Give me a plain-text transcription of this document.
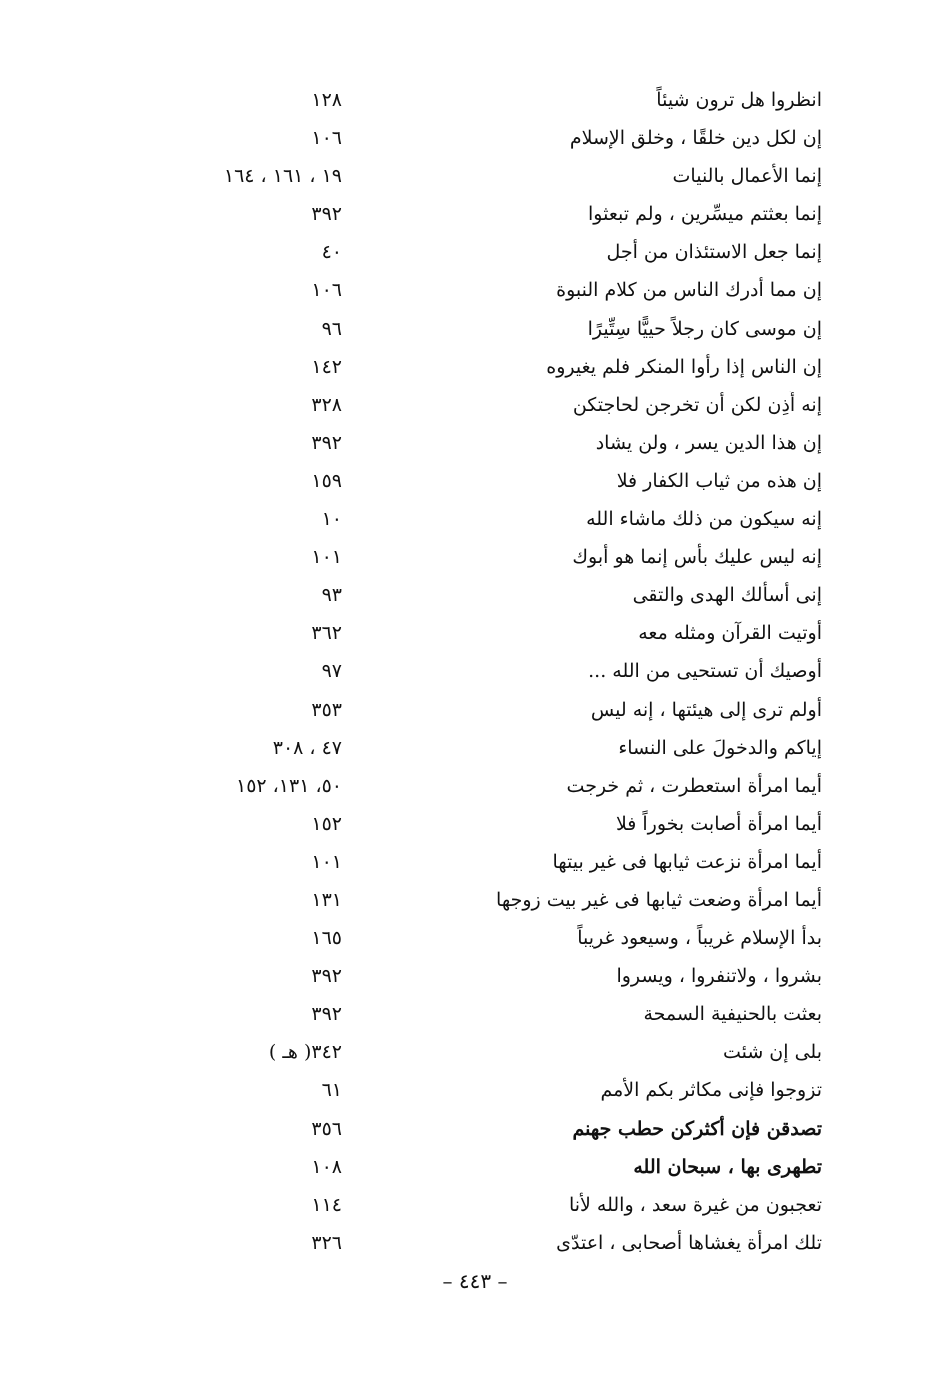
انظروا هل ترون شيئاً
١٢٨
إن لكل دين خلقًا ، وخلق الإسلام
١٠٦
إنما الأعمال بالنيات
١٩ ، ١٦١ ، ١٦٤
إنما بعثتم ميسِّرين ، ولم تبعثوا
٣٩٢
إنما جعل الاستئذان من أجل
٤٠
إن مما أدرك الناس من كلام النبوة
١٠٦
إن موسى كان رجلاً حييًّا سِتِّيرًا
٩٦
إن الناس إذا رأوا المنكر فلم يغيروه
١٤٢
إنه أُذِن لكن أن تخرجن لحاجتكن
٣٢٨
إن هذا الدين يسر ، ولن يشاد
٣٩٢
إن هذه من ثياب الكفار فلا
١٥٩
إنه سيكون من ذلك ماشاء الله
١٠
إنه ليس عليك بأس إنما هو أبوك
١٠١
إنى أسألك الهدى والتقى
٩٣
أوتيت القرآن ومثله معه
٣٦٢
أوصيك أن تستحيى من الله ...
٩٧
أولم ترى إلى هيئتها ، إنه ليس
٣٥٣
إياكم والدخولَ على النساء
٤٧ ، ٣٠٨
أيما امرأة استعطرت ، ثم خرجت
٥٠، ١٣١، ١٥٢
أيما امرأة أصابت بخوراً فلا
١٥٢
أيما امرأة نزعت ثيابها فى غير بيتها
١٠١
أيما امرأة وضعت ثيابها فى غير بيت زوجها
١٣١
بدأ الإسلام غريباً ، وسيعود غريباً
١٦٥
بشروا ، ولاتنفروا ، ويسروا
٣٩٢
بعثت بالحنيفية السمحة
٣٩٢
بلى إن شئت
٣٤٢( هـ )
تزوجوا فإنى مكاثر بكم الأمم
٦١
تصدقن فإن أكثركن حطب جهنم
٣٥٦
تطهرى بها ، سبحان الله
١٠٨
تعجبون من غيرة سعد ، والله لأنا
١١٤
تلك امرأة يغشاها أصحابى ، اعتدّى
٣٢٦
– ٤٤٣ –
